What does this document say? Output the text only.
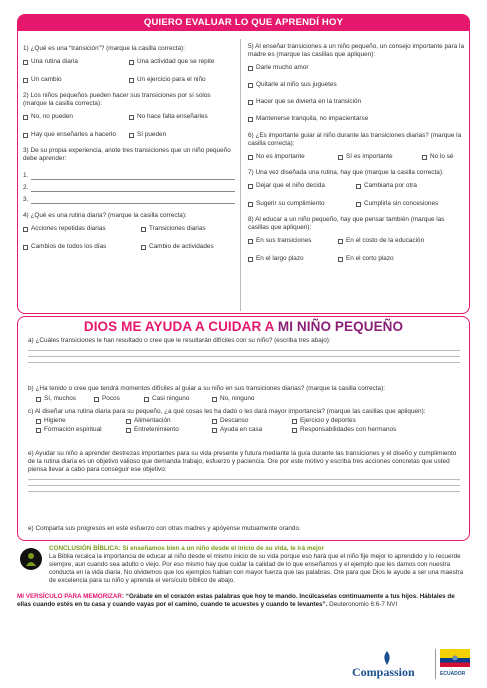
QUIERO EVALUAR LO QUE APRENDÍ HOY
1) ¿Qué es una “transición”? (marque la casilla correcta):
Una rutina diaria	Una actividad que se repite
Un cambio	Un ejercicio para el niño
2) Los niños pequeños pueden hacer sus transiciones por sí solos (marque la casilla correcta):
No, no pueden	No hace falta enseñarles
Hay que enseñarles a hacerlo	Sí pueden
3) De su propia experiencia, anote tres transiciones que un niño pequeño debe aprender:
1.
2.
3.
4) ¿Qué es una rutina diaria? (marque la casilla correcta):
Acciones repetidas diarias	Transiciones diarias
Cambios de todos los días	Cambio de actividades
5) Al enseñar transiciones a un niño pequeño, un consejo importante para la madre es (marque las casillas que apliquen):
Darle mucho amor
Quitarle al niño sus juguetes
Hacer que se divierta en la transición
Mantenerse tranquila, no impacientarse
6) ¿Es importante guiar al niño durante las transiciones diarias? (marque la casilla correcta):
No es importante	Sí es importante	No lo sé
7) Una vez diseñada una rutina, hay que (marque la casilla correcta):
Dejar que el niño decida	Cambiarla por otra
Sugerir su cumplimiento	Cumplirla sin concesiones
8) Al educar a un niño pequeño, hay que pensar también (marque las casillas que apliquen):
En sus transiciones	En el costo de la educación
En el largo plazo	En el corto plazo
DIOS ME AYUDA A CUIDAR A MI NIÑO PEQUEÑO
a) ¿Cuáles transiciones le han resultado o cree que le resultarán difíciles con su niño? (escriba tres abajo):
b) ¿Ha tenido o cree que tendrá momentos difíciles al guiar a su niño en sus transiciones diarias? (marque la casilla correcta):
Sí, muchos	Pocos	Casi ninguno	No, ninguno
c) Al diseñar una rutina diaria para su pequeño, ¿a qué cosas les ha dado o les dará mayor importancia? (marque las casillas que apliquen):
Higiene	Alimentación	Descanso	Ejercicio y deportes
Formación espiritual	Entretenimiento	Ayuda en casa	Responsabilidades con hermanos
e) Ayudar su niño a aprender destrezas importantes para su vida presente y futura mediante la guía durante las transiciones y el diseño y cumplimiento de la rutina diaria es un objetivo valioso que demanda trabajo, esfuerzo y paciencia. Ore por este motivo y escriba tres acciones concretas que usted piensa llevar a cabo para conseguir ese objetivo:
e) Comparta sus progresos en este esfuerzo con otras madres y apóyense mutuamente orando.
CONCLUSIÓN BÍBLICA: Si enseñamos bien a un niño desde el inicio de su vida, le irá mejor
La Biblia recalca la importancia de educar al niño desde el mismo inicio de su vida porque eso hará que el niño fije mejor lo aprendido y lo recuerde siempre, aun cuando sea adulto o viejo. Por eso mismo hay que cuidar la calidad de lo que enseñamos y el ejemplo que les damos con nuestra conducta en la vida diaria. No olvidemos que los ejemplos hablan con mayor fuerza que las palabras. Ore para que Dios le ayude a ser una maestra de excelencia para su niño y aprenda el versículo bíblico de abajo.
MI VERSÍCULO PARA MEMORIZAR: “Grábate en el corazón estas palabras que hoy te mando. Incúlcaselas continuamente a tus hijos. Háblales de ellas cuando estés en tu casa y cuando vayas por el camino, cuando te acuestes y cuando te levantes”. Deuteronomio 6:6-7 NVI
Compassion	ECUADOR
